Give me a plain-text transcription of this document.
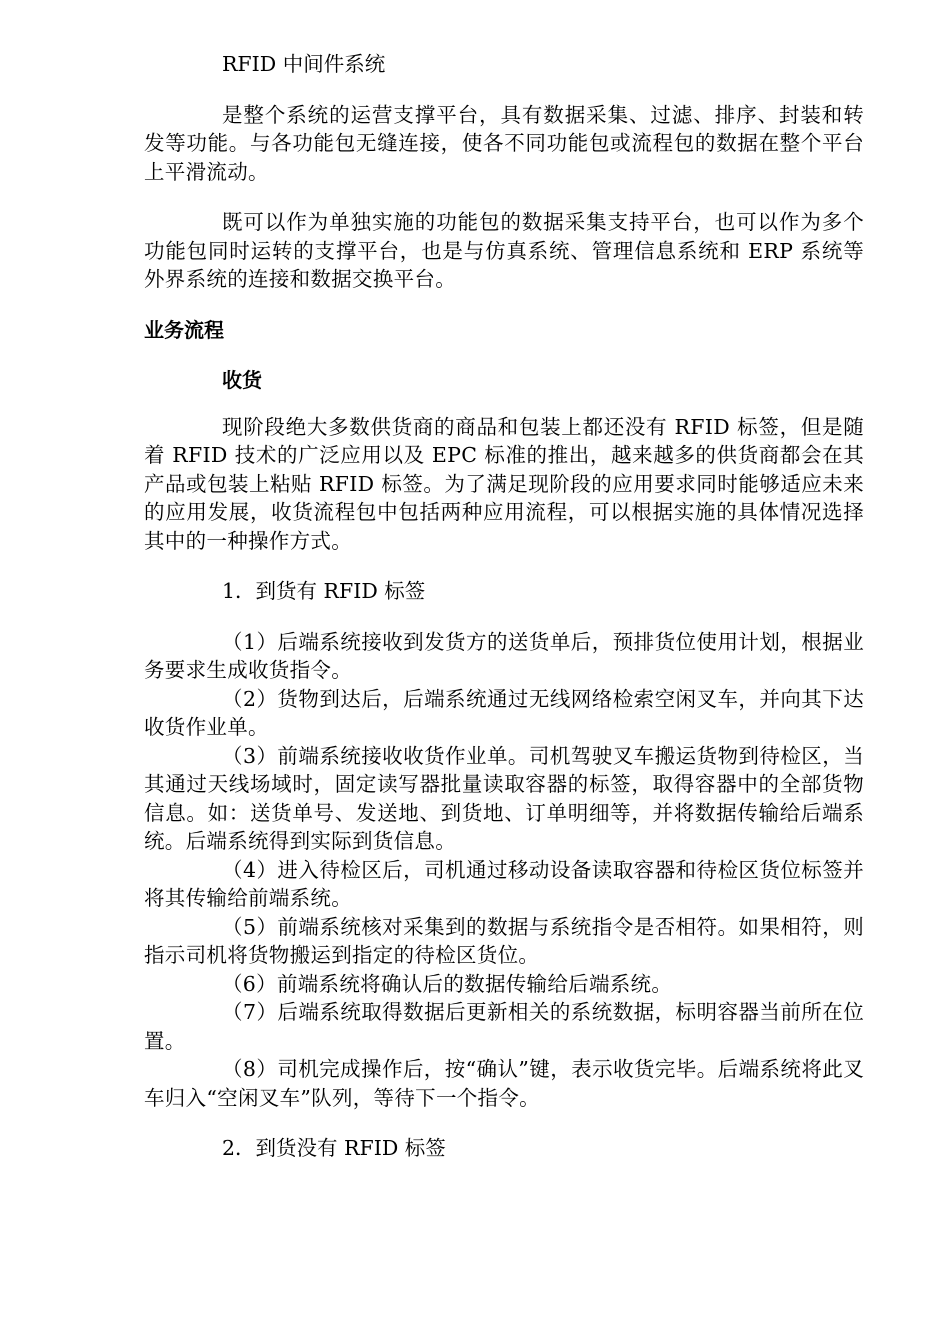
RFID 中间件系统

是整个系统的运营支撑平台，具有数据采集、过滤、排序、封装和转发等功能。与各功能包无缝连接，使各不同功能包或流程包的数据在整个平台上平滑流动。

既可以作为单独实施的功能包的数据采集支持平台，也可以作为多个功能包同时运转的支撑平台，也是与仿真系统、管理信息系统和 ERP 系统等外界系统的连接和数据交换平台。

业务流程

收货

现阶段绝大多数供货商的商品和包装上都还没有 RFID 标签，但是随着 RFID 技术的广泛应用以及 EPC 标准的推出，越来越多的供货商都会在其产品或包装上粘贴 RFID 标签。为了满足现阶段的应用要求同时能够适应未来的应用发展，收货流程包中包括两种应用流程，可以根据实施的具体情况选择其中的一种操作方式。

1．到货有 RFID 标签

（1）后端系统接收到发货方的送货单后，预排货位使用计划，根据业务要求生成收货指令。

（2）货物到达后，后端系统通过无线网络检索空闲叉车，并向其下达收货作业单。

（3）前端系统接收收货作业单。司机驾驶叉车搬运货物到待检区，当其通过天线场域时，固定读写器批量读取容器的标签，取得容器中的全部货物信息。如：送货单号、发送地、到货地、订单明细等，并将数据传输给后端系统。后端系统得到实际到货信息。

（4）进入待检区后，司机通过移动设备读取容器和待检区货位标签并将其传输给前端系统。

（5）前端系统核对采集到的数据与系统指令是否相符。如果相符，则指示司机将货物搬运到指定的待检区货位。

（6）前端系统将确认后的数据传输给后端系统。

（7）后端系统取得数据后更新相关的系统数据，标明容器当前所在位置。

（8）司机完成操作后，按“确认”键，表示收货完毕。后端系统将此叉车归入“空闲叉车”队列，等待下一个指令。

2．到货没有 RFID 标签
